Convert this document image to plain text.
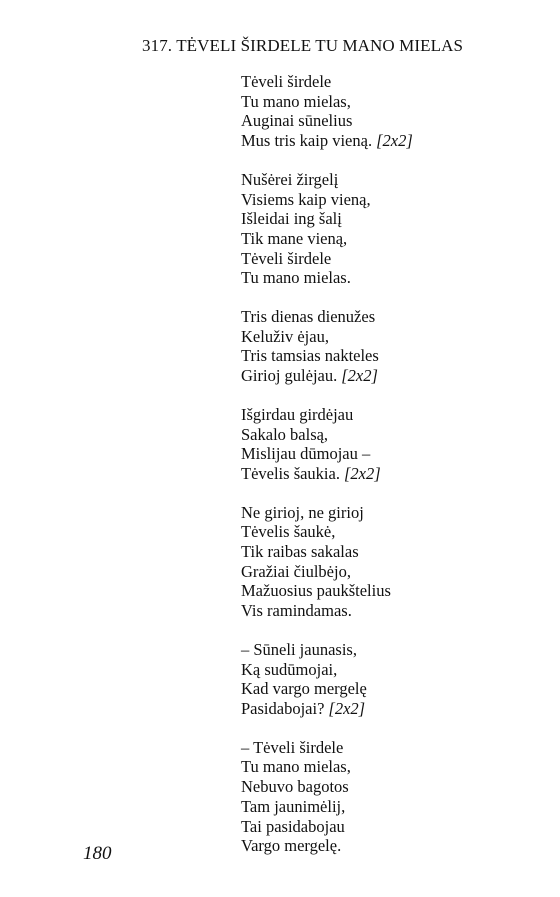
317. TĖVELI ŠIRDELE TU MANO MIELAS
Tėveli širdele
Tu mano mielas,
Auginai sūnelius
Mus tris kaip vieną. [2x2]
Nušėrei žirgelį
Visiems kaip vieną,
Išleidai ing šalį
Tik mane vieną,
Tėveli širdele
Tu mano mielas.
Tris dienas dienužes
Keluživ ėjau,
Tris tamsias nakteles
Girioj gulėjau. [2x2]
Išgirdau girdėjau
Sakalo balsą,
Mislijau dūmojau –
Tėvelis šaukia. [2x2]
Ne girioj, ne girioj
Tėvelis šaukė,
Tik raibas sakalas
Gražiai čiulbėjo,
Mažuosius paukštelius
Vis ramindamas.
– Sūneli jaunasis,
Ką sudūmojai,
Kad vargo mergelę
Pasidabojai? [2x2]
– Tėveli širdele
Tu mano mielas,
Nebuvo bagotos
Tam jaunimėlij,
Tai pasidabojau
Vargo mergelę.
180
